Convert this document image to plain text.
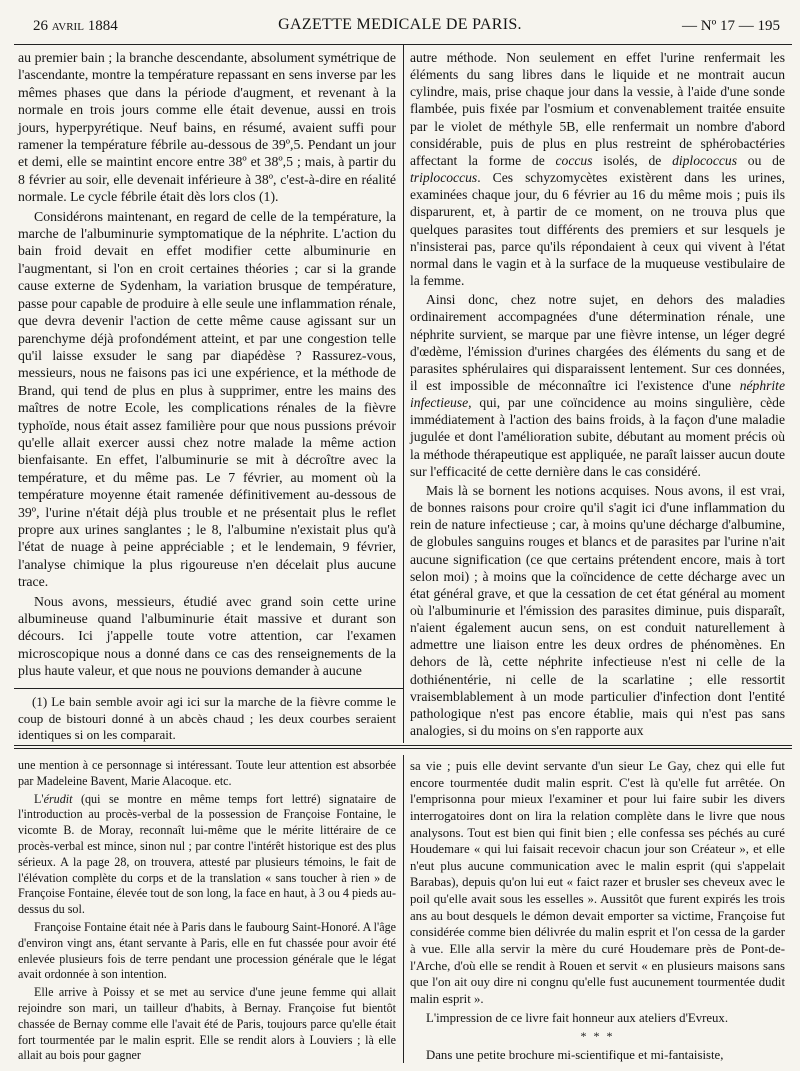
26 avril 1884	GAZETTE MEDICALE DE PARIS.	— Nº 17 — 195

au premier bain ; la branche descendante, absolument symétrique de l'ascendante, montre la température repassant en sens inverse par les mêmes phases que dans la période d'augment, et revenant à la normale en trois jours comme elle était devenue, aussi en trois jours, hyperpyrétique. Neuf bains, en résumé, avaient suffi pour ramener la température fébrile au-dessous de 39º,5. Pendant un jour et demi, elle se maintint encore entre 38º et 38º,5 ; mais, à partir du 8 février au soir, elle devenait inférieure à 38º, c'est-à-dire en réalité normale. Le cycle fébrile était dès lors clos (1).

Considérons maintenant, en regard de celle de la température, la marche de l'albuminurie symptomatique de la néphrite. L'action du bain froid devait en effet modifier cette albuminurie en l'augmentant, si l'on en croit certaines théories ; car si la grande cause externe de Sydenham, la variation brusque de température, passe pour capable de produire à elle seule une inflammation rénale, que devra devenir l'action de cette même cause agissant sur un parenchyme déjà profondément atteint, et par une congestion telle qu'il laisse exsuder le sang par diapédèse ? Rassurez-vous, messieurs, nous ne faisons pas ici une expérience, et la méthode de Brand, qui tend de plus en plus à supprimer, entre les mains des maîtres de notre Ecole, les complications rénales de la fièvre typhoïde, nous était assez familière pour que nous pussions prévoir qu'elle allait exercer aussi chez notre malade la même action bienfaisante. En effet, l'albuminurie se mit à décroître avec la température, et du même pas. Le 7 février, au moment où la température moyenne était ramenée définitivement au-dessous de 39º, l'urine n'était déjà plus trouble et ne présentait plus le reflet propre aux urines sanglantes ; le 8, l'albumine n'existait plus qu'à l'état de nuage à peine appréciable ; et le lendemain, 9 février, l'analyse chimique la plus rigoureuse n'en décelait plus aucune trace.

Nous avons, messieurs, étudié avec grand soin cette urine albumineuse quand l'albuminurie était massive et durant son décours. Ici j'appelle toute votre attention, car l'examen microscopique nous a donné dans ce cas des renseignements de la plus haute valeur, et que nous ne pouvions demander à aucune

(1) Le bain semble avoir agi ici sur la marche de la fièvre comme le coup de bistouri donné à un abcès chaud ; les deux courbes seraient identiques si on les comparait.

autre méthode. Non seulement en effet l'urine renfermait les éléments du sang libres dans le liquide et ne montrait aucun cylindre, mais, prise chaque jour dans la vessie, à l'aide d'une sonde flambée, puis fixée par l'osmium et convenablement traitée ensuite par le violet de méthyle 5B, elle renfermait un nombre d'abord considérable, puis de plus en plus restreint de sphérobactéries affectant la forme de coccus isolés, de diplococcus ou de triplococcus. Ces schyzomycètes existèrent dans les urines, examinées chaque jour, du 6 février au 16 du même mois ; puis ils disparurent, et, à partir de ce moment, on ne trouva plus que quelques parasites tout différents des premiers et sur lesquels je n'insisterai pas, parce qu'ils répondaient à ceux qui vivent à l'état normal dans le vagin et à la surface de la muqueuse vestibulaire de la femme.

Ainsi donc, chez notre sujet, en dehors des maladies ordinairement accompagnées d'une détermination rénale, une néphrite survient, se marque par une fièvre intense, un léger degré d'œdème, l'émission d'urines chargées des éléments du sang et de parasites sphérulaires qui disparaissent lentement. Sur ces données, il est impossible de méconnaître ici l'existence d'une néphrite infectieuse, qui, par une coïncidence au moins singulière, cède immédiatement à l'action des bains froids, à la façon d'une maladie jugulée et dont l'amélioration subite, débutant au moment précis où la méthode thérapeutique est appliquée, ne paraît laisser aucun doute sur l'efficacité de cette dernière dans le cas considéré.

Mais là se bornent les notions acquises. Nous avons, il est vrai, de bonnes raisons pour croire qu'il s'agit ici d'une inflammation du rein de nature infectieuse ; car, à moins qu'une décharge d'albumine, de globules sanguins rouges et blancs et de parasites par l'urine n'ait aucune signification (ce que certains prétendent encore, mais à tort selon moi) ; à moins que la coïncidence de cette décharge avec un état général grave, et que la cessation de cet état général au moment où l'albuminurie et l'émission des parasites diminue, puis disparaît, n'aient également aucun sens, on est conduit naturellement à admettre une liaison entre les deux ordres de phénomènes. En dehors de là, cette néphrite infectieuse n'est ni celle de la dothiénentérie, ni celle de la scarlatine ; elle ressortit vraisemblablement à un mode particulier d'infection dont l'entité pathologique n'est pas encore établie, mais qui n'est pas sans analogies, si du moins on s'en rapporte aux

une mention à ce personnage si intéressant. Toute leur attention est absorbée par Madeleine Bavent, Marie Alacoque. etc.

L'érudit (qui se montre en même temps fort lettré) signataire de l'introduction au procès-verbal de la possession de Françoise Fontaine, le vicomte B. de Moray, reconnaît lui-même que le mérite littéraire de ce procès-verbal est mince, sinon nul ; par contre l'intérêt historique est des plus sérieux. A la page 28, on trouvera, attesté par plusieurs témoins, le fait de l'élévation complète du corps et de la translation « sans toucher à rien » de Françoise Fontaine, élevée tout de son long, la face en haut, à 3 ou 4 pieds au-dessus du sol.

Françoise Fontaine était née à Paris dans le faubourg Saint-Honoré. A l'âge d'environ vingt ans, étant servante à Paris, elle en fut chassée pour avoir été enlevée plusieurs fois de terre pendant une procession générale que le légat avait ordonnée à son intention.

Elle arrive à Poissy et se met au service d'une jeune femme qui allait rejoindre son mari, un tailleur d'habits, à Bernay. Françoise fut bientôt chassée de Bernay comme elle l'avait été de Paris, toujours parce qu'elle était fort tourmentée par le malin esprit. Elle se rendit alors à Louviers ; là elle allait au bois pour gagner

sa vie ; puis elle devint servante d'un sieur Le Gay, chez qui elle fut encore tourmentée dudit malin esprit. C'est là qu'elle fut arrêtée. On l'emprisonna pour mieux l'examiner et pour lui faire subir les divers interrogatoires dont on lira la relation complète dans le livre que nous analysons. Tout est bien qui finit bien ; elle confessa ses péchés au curé Houdemare « qui lui faisait recevoir chacun jour son Créateur », et elle n'eut plus aucune communication avec le malin esprit (qui s'appelait Barabas), depuis qu'on lui eut « faict razer et brusler ses cheveux avec le poil qu'elle avait sous les esselles ». Aussitôt que furent expirés les trois ans au bout desquels le démon devait emporter sa victime, Françoise fut considérée comme bien délivrée du malin esprit et l'on cessa de la garder à vue. Elle alla servir la mère du curé Houdemare près de Pont-de-l'Arche, d'où elle se rendit à Rouen et servit « en plusieurs maisons sans que l'on ait ouy dire ni congnu qu'elle fust aucunement tourmentée dudit malin esprit ».

L'impression de ce livre fait honneur aux ateliers d'Evreux.

* * *

Dans une petite brochure mi-scientifique et mi-fantaisiste,
